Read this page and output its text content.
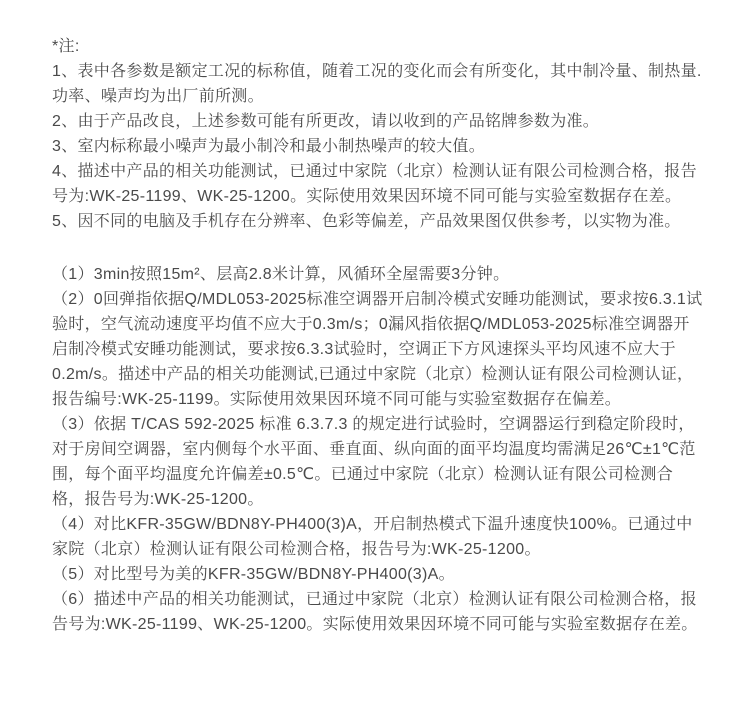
*注:

1、表中各参数是额定工况的标称值，随着工况的变化而会有所变化，其中制冷量、制热量.功率、噪声均为出厂前所测。

2、由于产品改良，上述参数可能有所更改，请以收到的产品铭牌参数为准。

3、室内标称最小噪声为最小制冷和最小制热噪声的较大值。

4、描述中产品的相关功能测试，已通过中家院（北京）检测认证有限公司检测合格，报告号为:WK-25-1199、WK-25-1200。实际使用效果因环境不同可能与实验室数据存在差。

5、因不同的电脑及手机存在分辨率、色彩等偏差，产品效果图仅供参考，以实物为准。

（1）3min按照15m²、层高2.8米计算，风循环全屋需要3分钟。

（2）0回弹指依据Q/MDL053-2025标准空调器开启制冷模式安睡功能测试，要求按6.3.1试验时，空气流动速度平均值不应大于0.3m/s；0漏风指依据Q/MDL053-2025标准空调器开启制冷模式安睡功能测试，要求按6.3.3试验时，空调正下方风速探头平均风速不应大于0.2m/s。描述中产品的相关功能测试,已通过中家院（北京）检测认证有限公司检测认证，报告编号:WK-25-1199。实际使用效果因环境不同可能与实验室数据存在偏差。

（3）依据 T/CAS 592-2025 标准 6.3.7.3 的规定进行试验时，空调器运行到稳定阶段时，对于房间空调器，室内侧每个水平面、垂直面、纵向面的面平均温度均需满足26℃±1℃范围，每个面平均温度允许偏差±0.5℃。已通过中家院（北京）检测认证有限公司检测合格，报告号为:WK-25-1200。

（4）对比KFR-35GW/BDN8Y-PH400(3)A，开启制热模式下温升速度快100%。已通过中家院（北京）检测认证有限公司检测合格，报告号为:WK-25-1200。

（5）对比型号为美的KFR-35GW/BDN8Y-PH400(3)A。

（6）描述中产品的相关功能测试，已通过中家院（北京）检测认证有限公司检测合格，报告号为:WK-25-1199、WK-25-1200。实际使用效果因环境不同可能与实验室数据存在差。
